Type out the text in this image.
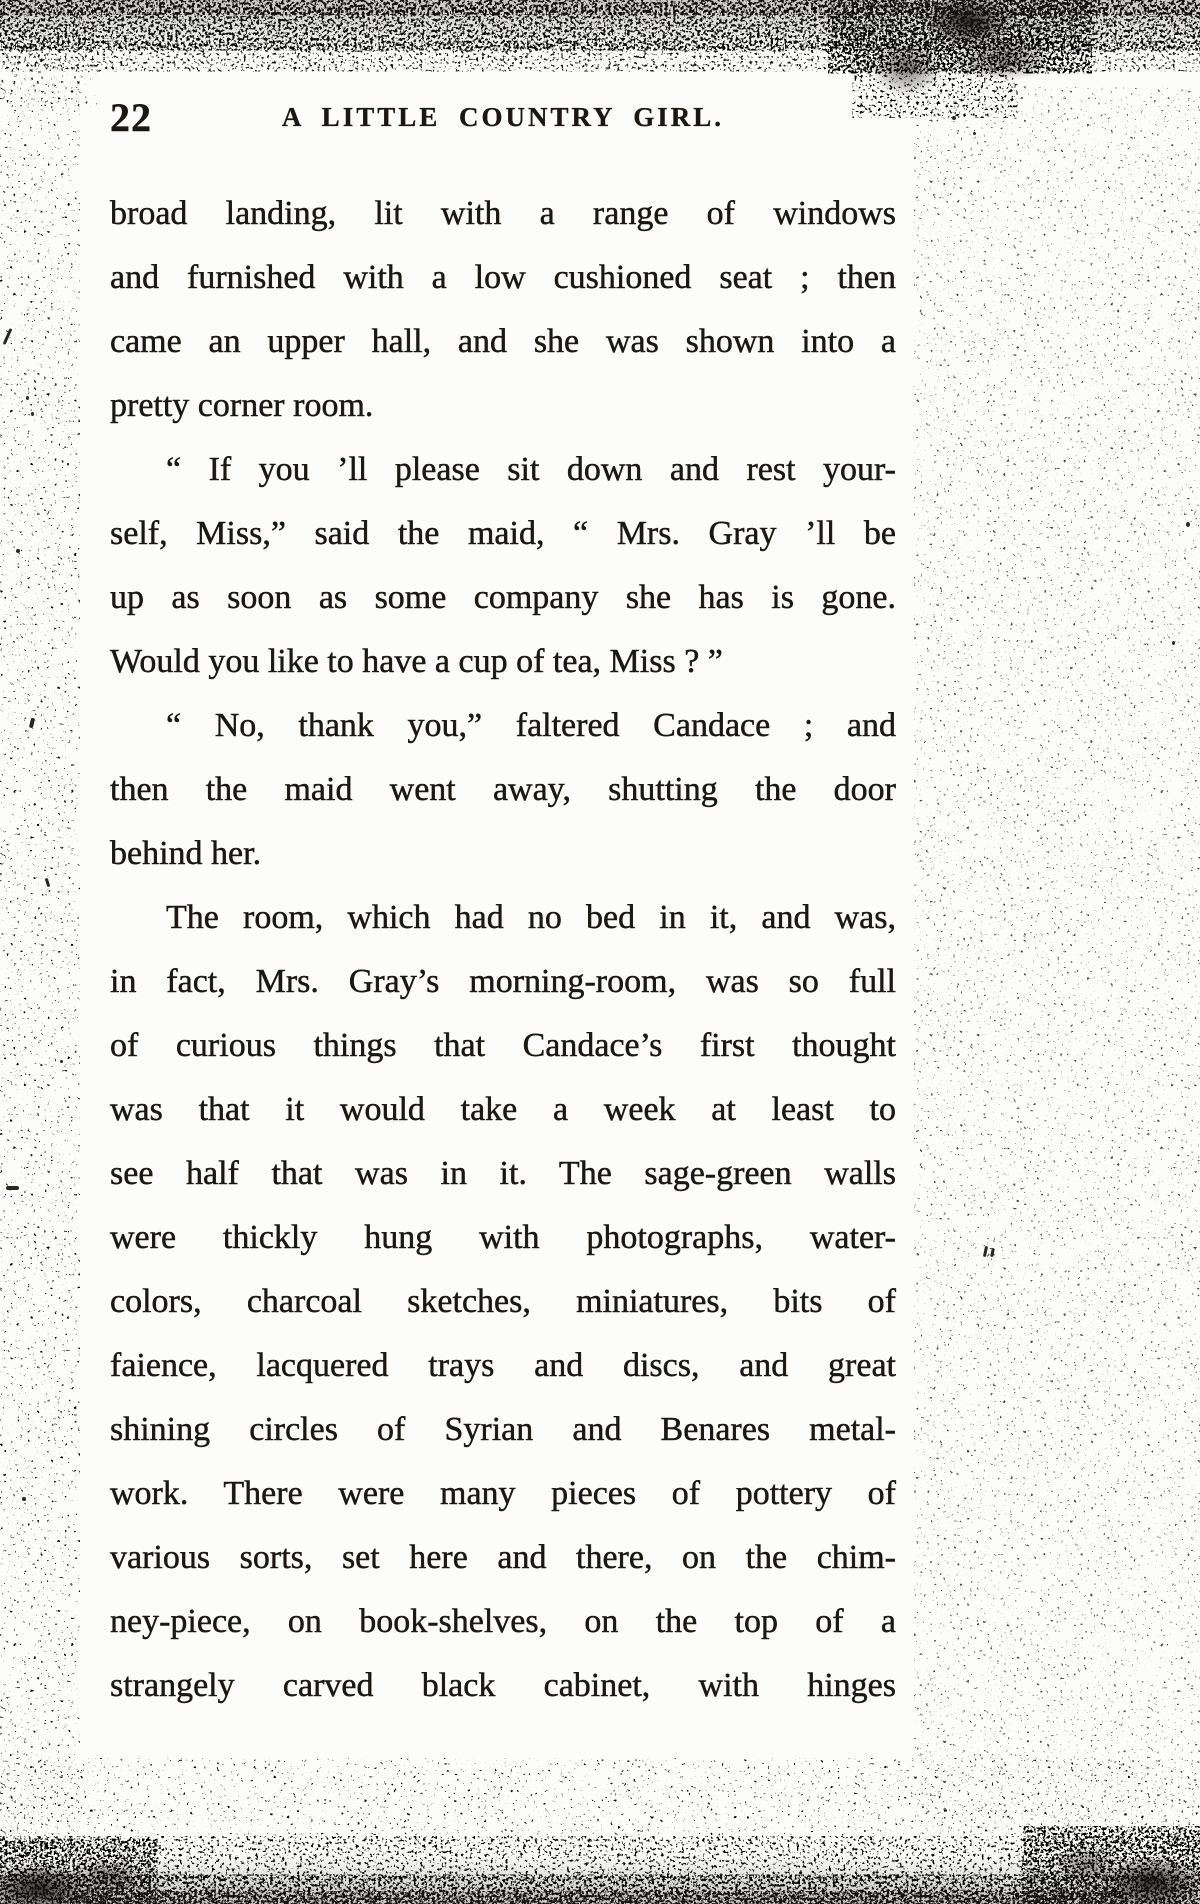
22	A LITTLE COUNTRY GIRL.
broad landing, lit with a range of windows
and furnished with a low cushioned seat ; then
came an upper hall, and she was shown into a
pretty corner room.
“ If you ’ll please sit down and rest your-
self, Miss,” said the maid, “ Mrs. Gray ’ll be
up as soon as some company she has is gone.
Would you like to have a cup of tea, Miss ? ”
“ No, thank you,” faltered Candace ; and
then the maid went away, shutting the door
behind her.
The room, which had no bed in it, and was,
in fact, Mrs. Gray’s morning-room, was so full
of curious things that Candace’s first thought
was that it would take a week at least to
see half that was in it. The sage-green walls
were thickly hung with photographs, water-
colors, charcoal sketches, miniatures, bits of
faience, lacquered trays and discs, and great
shining circles of Syrian and Benares metal-
work. There were many pieces of pottery of
various sorts, set here and there, on the chim-
ney-piece, on book-shelves, on the top of a
strangely carved black cabinet, with hinges
